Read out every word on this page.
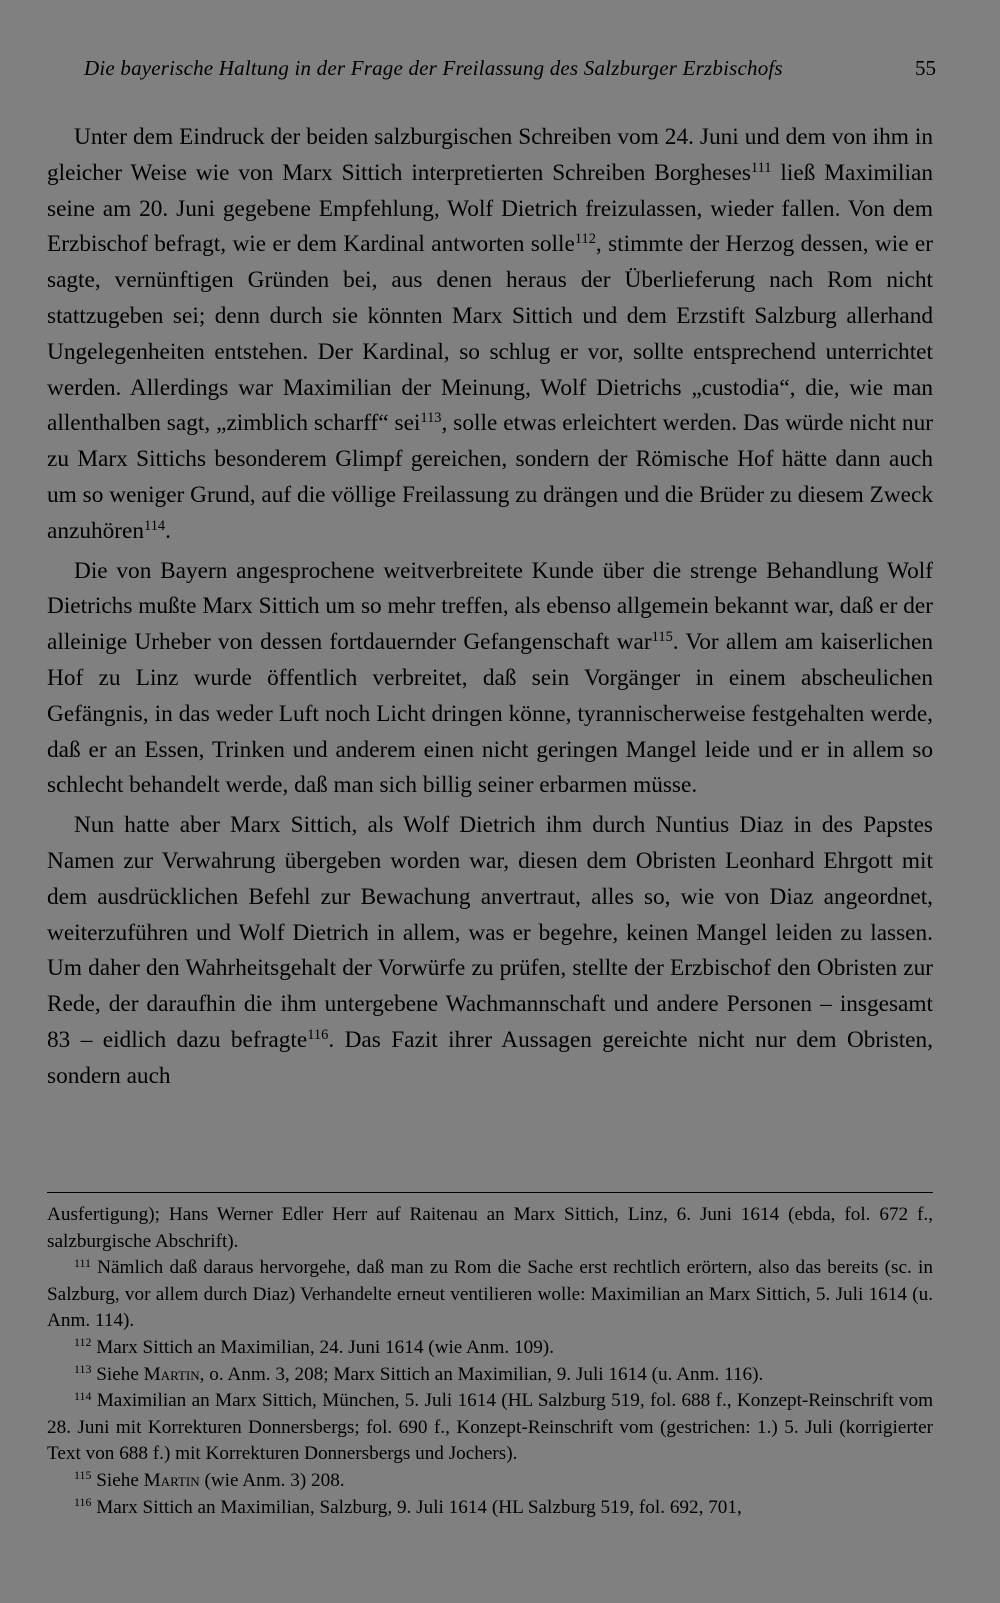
Die bayerische Haltung in der Frage der Freilassung des Salzburger Erzbischofs	55

Unter dem Eindruck der beiden salzburgischen Schreiben vom 24. Juni und dem von ihm in gleicher Weise wie von Marx Sittich interpretierten Schreiben Borgheses$^{111}$ ließ Maximilian seine am 20. Juni gegebene Empfehlung, Wolf Dietrich freizulassen, wieder fallen. Von dem Erzbischof befragt, wie er dem Kardinal antworten solle$^{112}$, stimmte der Herzog dessen, wie er sagte, vernünftigen Gründen bei, aus denen heraus der Überlieferung nach Rom nicht stattzugeben sei; denn durch sie könnten Marx Sittich und dem Erzstift Salzburg allerhand Ungelegenheiten entstehen. Der Kardinal, so schlug er vor, sollte entsprechend unterrichtet werden. Allerdings war Maximilian der Meinung, Wolf Dietrichs „custodia“, die, wie man allenthalben sagt, „zimblich scharff“ sei$^{113}$, solle etwas erleichtert werden. Das würde nicht nur zu Marx Sittichs besonderem Glimpf gereichen, sondern der Römische Hof hätte dann auch um so weniger Grund, auf die völlige Freilassung zu drängen und die Brüder zu diesem Zweck anzuhören$^{114}$.

Die von Bayern angesprochene weitverbreitete Kunde über die strenge Behandlung Wolf Dietrichs mußte Marx Sittich um so mehr treffen, als ebenso allgemein bekannt war, daß er der alleinige Urheber von dessen fortdauernder Gefangenschaft war$^{115}$. Vor allem am kaiserlichen Hof zu Linz wurde öffentlich verbreitet, daß sein Vorgänger in einem abscheulichen Gefängnis, in das weder Luft noch Licht dringen könne, tyrannischerweise festgehalten werde, daß er an Essen, Trinken und anderem einen nicht geringen Mangel leide und er in allem so schlecht behandelt werde, daß man sich billig seiner erbarmen müsse.

Nun hatte aber Marx Sittich, als Wolf Dietrich ihm durch Nuntius Diaz in des Papstes Namen zur Verwahrung übergeben worden war, diesen dem Obristen Leonhard Ehrgott mit dem ausdrücklichen Befehl zur Bewachung anvertraut, alles so, wie von Diaz angeordnet, weiterzuführen und Wolf Dietrich in allem, was er begehre, keinen Mangel leiden zu lassen. Um daher den Wahrheitsgehalt der Vorwürfe zu prüfen, stellte der Erzbischof den Obristen zur Rede, der daraufhin die ihm untergebene Wachmannschaft und andere Personen – insgesamt 83 – eidlich dazu befragte$^{116}$. Das Fazit ihrer Aussagen gereichte nicht nur dem Obristen, sondern auch

Ausfertigung); Hans Werner Edler Herr auf Raitenau an Marx Sittich, Linz, 6. Juni 1614 (ebda, fol. 672 f., salzburgische Abschrift).

$^{111}$ Nämlich daß daraus hervorgehe, daß man zu Rom die Sache erst rechtlich erörtern, also das bereits (sc. in Salzburg, vor allem durch Diaz) Verhandelte erneut ventilieren wolle: Maximilian an Marx Sittich, 5. Juli 1614 (u. Anm. 114).

$^{112}$ Marx Sittich an Maximilian, 24. Juni 1614 (wie Anm. 109).

$^{113}$ Siehe Martin, o. Anm. 3, 208; Marx Sittich an Maximilian, 9. Juli 1614 (u. Anm. 116).

$^{114}$ Maximilian an Marx Sittich, München, 5. Juli 1614 (HL Salzburg 519, fol. 688 f., Konzept-Reinschrift vom 28. Juni mit Korrekturen Donnersbergs; fol. 690 f., Konzept-Reinschrift vom (gestrichen: 1.) 5. Juli (korrigierter Text von 688 f.) mit Korrekturen Donnersbergs und Jochers).

$^{115}$ Siehe Martin (wie Anm. 3) 208.

$^{116}$ Marx Sittich an Maximilian, Salzburg, 9. Juli 1614 (HL Salzburg 519, fol. 692, 701,
